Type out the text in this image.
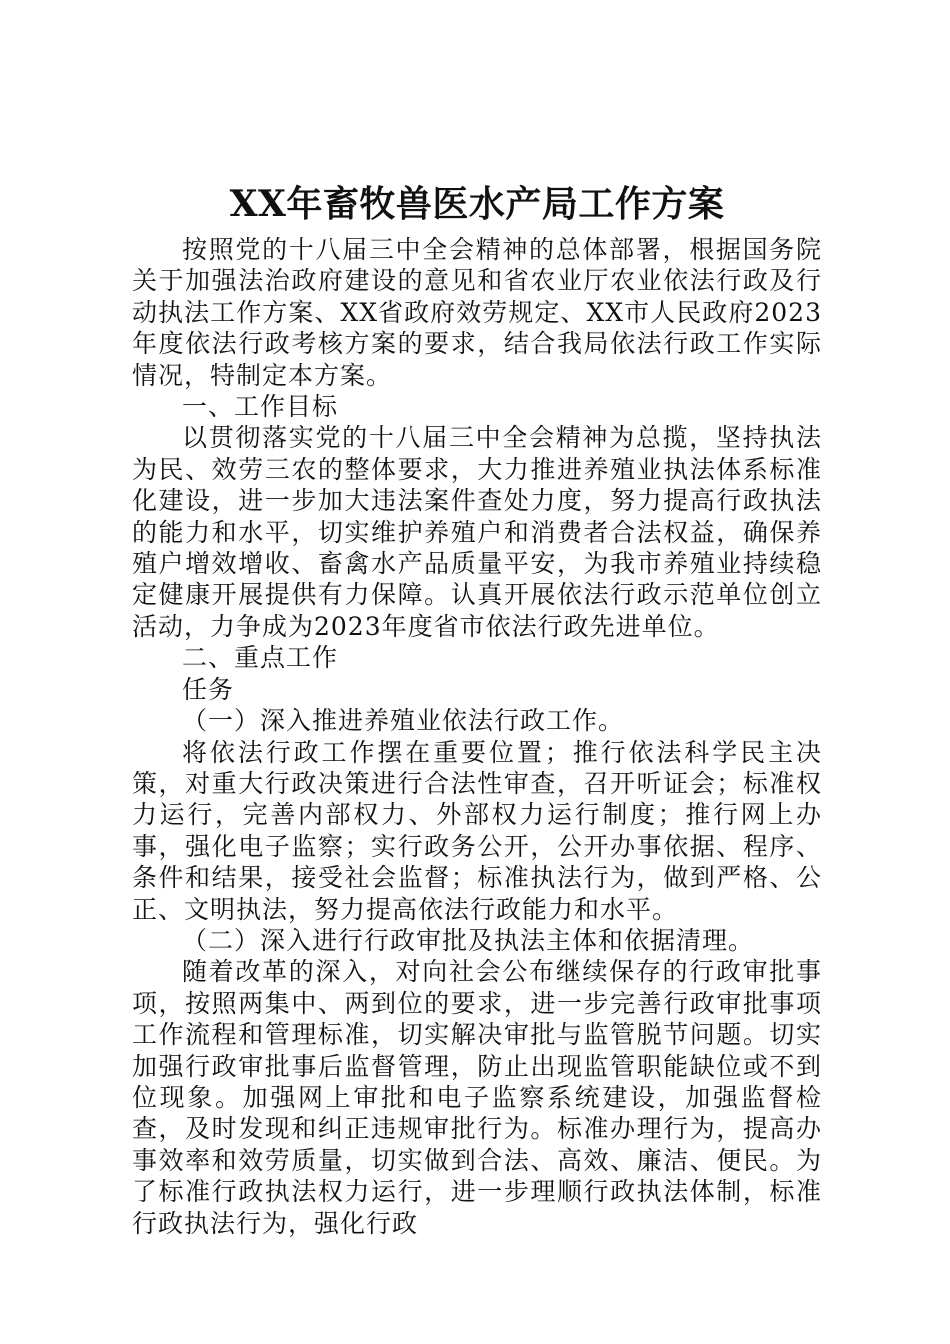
XX年畜牧兽医水产局工作方案

按照党的十八届三中全会精神的总体部署，根据国务院关于加强法治政府建设的意见和省农业厅农业依法行政及行动执法工作方案、XX省政府效劳规定、XX市人民政府2023年度依法行政考核方案的要求，结合我局依法行政工作实际情况，特制定本方案。

一、工作目标

以贯彻落实党的十八届三中全会精神为总揽，坚持执法为民、效劳三农的整体要求，大力推进养殖业执法体系标准化建设，进一步加大违法案件查处力度，努力提高行政执法的能力和水平，切实维护养殖户和消费者合法权益，确保养殖户增效增收、畜禽水产品质量平安，为我市养殖业持续稳定健康开展提供有力保障。认真开展依法行政示范单位创立活动，力争成为2023年度省市依法行政先进单位。

二、重点工作

任务

（一）深入推进养殖业依法行政工作。

将依法行政工作摆在重要位置；推行依法科学民主决策，对重大行政决策进行合法性审查，召开听证会；标准权力运行，完善内部权力、外部权力运行制度；推行网上办事，强化电子监察；实行政务公开，公开办事依据、程序、条件和结果，接受社会监督；标准执法行为，做到严格、公正、文明执法，努力提高依法行政能力和水平。

（二）深入进行行政审批及执法主体和依据清理。

随着改革的深入，对向社会公布继续保存的行政审批事项，按照两集中、两到位的要求，进一步完善行政审批事项工作流程和管理标准，切实解决审批与监管脱节问题。切实加强行政审批事后监督管理，防止出现监管职能缺位或不到位现象。加强网上审批和电子监察系统建设，加强监督检查，及时发现和纠正违规审批行为。标准办理行为，提高办事效率和效劳质量，切实做到合法、高效、廉洁、便民。为了标准行政执法权力运行，进一步理顺行政执法体制，标准行政执法行为，强化行政
